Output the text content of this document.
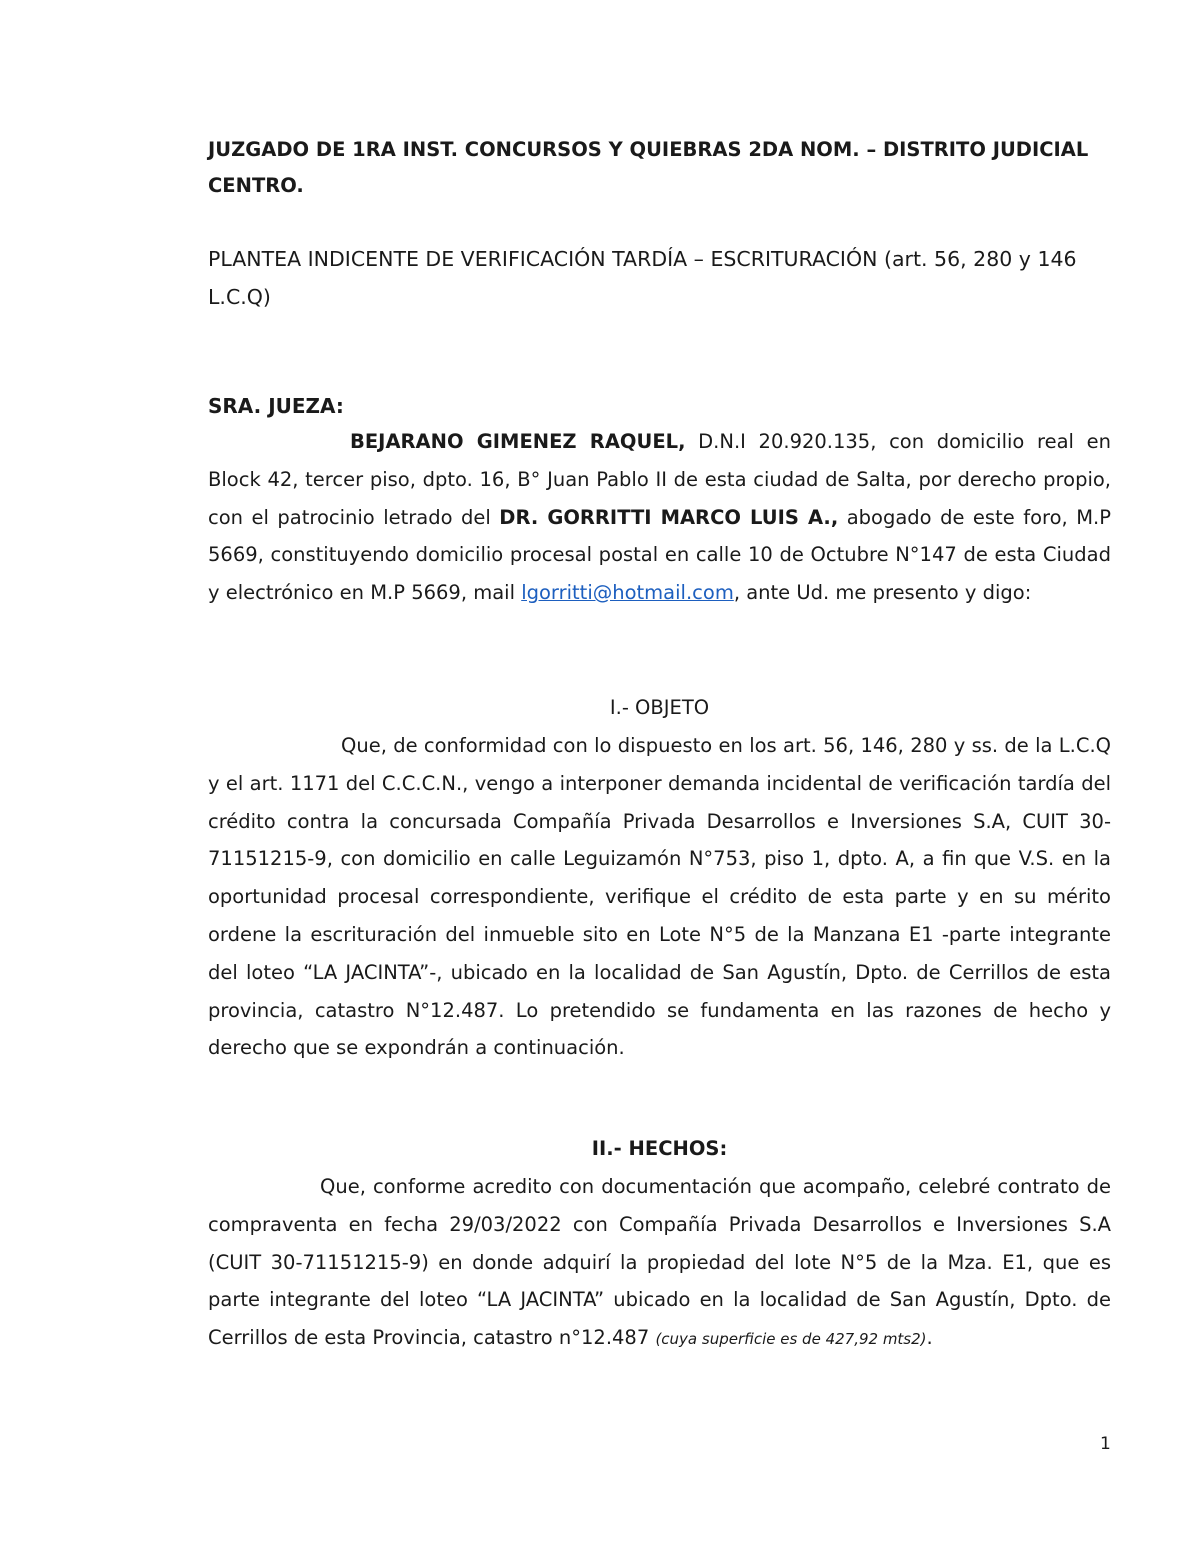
JUZGADO DE 1RA INST. CONCURSOS Y QUIEBRAS 2DA NOM. – DISTRITO JUDICIAL CENTRO.
PLANTEA INDICENTE DE VERIFICACIÓN TARDÍA – ESCRITURACIÓN (art. 56, 280 y 146 L.C.Q)
SRA. JUEZA:
BEJARANO GIMENEZ RAQUEL, D.N.I 20.920.135, con domicilio real en Block 42, tercer piso, dpto. 16, B° Juan Pablo II de esta ciudad de Salta, por derecho propio, con el patrocinio letrado del DR. GORRITTI MARCO LUIS A., abogado de este foro, M.P 5669, constituyendo domicilio procesal postal en calle 10 de Octubre N°147 de esta Ciudad y electrónico en M.P 5669, mail lgorritti@hotmail.com, ante Ud. me presento y digo:
I.- OBJETO
Que, de conformidad con lo dispuesto en los art. 56, 146, 280 y ss. de la L.C.Q y el art. 1171 del C.C.C.N., vengo a interponer demanda incidental de verificación tardía del crédito contra la concursada Compañía Privada Desarrollos e Inversiones S.A, CUIT 30-71151215-9, con domicilio en calle Leguizamón N°753, piso 1, dpto. A, a fin que V.S. en la oportunidad procesal correspondiente, verifique el crédito de esta parte y en su mérito ordene la escrituración del inmueble sito en Lote N°5 de la Manzana E1 -parte integrante del loteo “LA JACINTA”-, ubicado en la localidad de San Agustín, Dpto. de Cerrillos de esta provincia, catastro N°12.487. Lo pretendido se fundamenta en las razones de hecho y derecho que se expondrán a continuación.
II.- HECHOS:
Que, conforme acredito con documentación que acompaño, celebré contrato de compraventa en fecha 29/03/2022 con Compañía Privada Desarrollos e Inversiones S.A (CUIT 30-71151215-9) en donde adquirí la propiedad del lote N°5 de la Mza. E1, que es parte integrante del loteo “LA JACINTA” ubicado en la localidad de San Agustín, Dpto. de Cerrillos de esta Provincia, catastro n°12.487 (cuya superficie es de 427,92 mts2).
1
